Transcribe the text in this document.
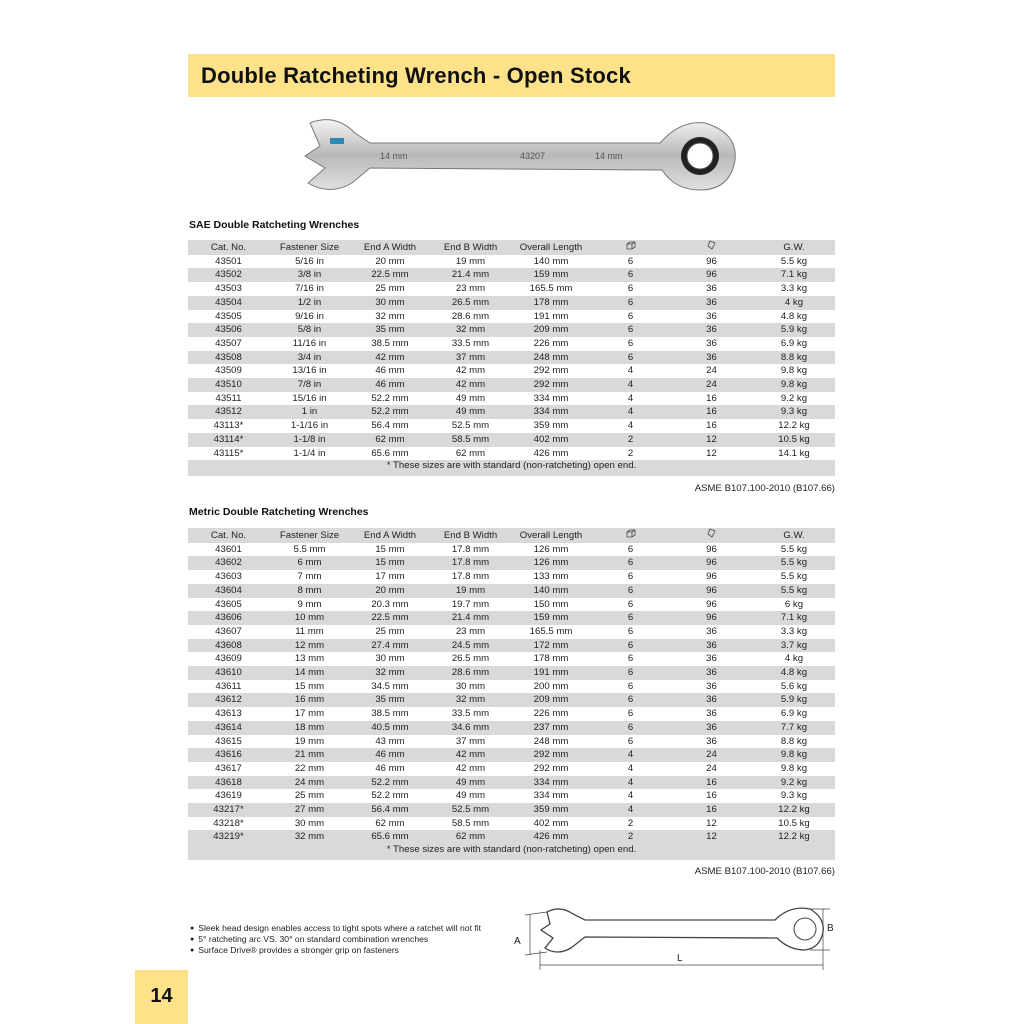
Double Ratcheting Wrench - Open Stock
14 mm	43207	14 mm
SAE Double Ratcheting Wrenches
Cat. No.	Fastener Size	End A Width	End B Width	Overall Length			G.W.
43501	5/16 in	20 mm	19 mm	140 mm	6	96	5.5 kg
43502	3/8 in	22.5 mm	21.4 mm	159 mm	6	96	7.1 kg
43503	7/16 in	25 mm	23 mm	165.5 mm	6	36	3.3 kg
43504	1/2 in	30 mm	26.5 mm	178 mm	6	36	4 kg
43505	9/16 in	32 mm	28.6 mm	191 mm	6	36	4.8 kg
43506	5/8 in	35 mm	32 mm	209 mm	6	36	5.9 kg
43507	11/16 in	38.5 mm	33.5 mm	226 mm	6	36	6.9 kg
43508	3/4 in	42 mm	37 mm	248 mm	6	36	8.8 kg
43509	13/16 in	46 mm	42 mm	292 mm	4	24	9.8 kg
43510	7/8 in	46 mm	42 mm	292 mm	4	24	9.8 kg
43511	15/16 in	52.2 mm	49 mm	334 mm	4	16	9.2 kg
43512	1 in	52.2 mm	49 mm	334 mm	4	16	9.3 kg
43113*	1-1/16 in	56.4 mm	52.5 mm	359 mm	4	16	12.2 kg
43114*	1-1/8 in	62 mm	58.5 mm	402 mm	2	12	10.5 kg
43115*	1-1/4 in	65.6 mm	62 mm	426 mm	2	12	14.1 kg
* These sizes are with standard (non-ratcheting) open end.							
ASME B107.100-2010 (B107.66)
Metric Double Ratcheting Wrenches
Cat. No.	Fastener Size	End A Width	End B Width	Overall Length			G.W.
43601	5.5 mm	15 mm	17.8 mm	126 mm	6	96	5.5 kg
43602	6 mm	15 mm	17.8 mm	126 mm	6	96	5.5 kg
43603	7 mm	17 mm	17.8 mm	133 mm	6	96	5.5 kg
43604	8 mm	20 mm	19 mm	140 mm	6	96	5.5 kg
43605	9 mm	20.3 mm	19.7 mm	150 mm	6	96	6 kg
43606	10 mm	22.5 mm	21.4 mm	159 mm	6	96	7.1 kg
43607	11 mm	25 mm	23 mm	165.5 mm	6	36	3.3 kg
43608	12 mm	27.4 mm	24.5 mm	172 mm	6	36	3.7 kg
43609	13 mm	30 mm	26.5 mm	178 mm	6	36	4 kg
43610	14 mm	32 mm	28.6 mm	191 mm	6	36	4.8 kg
43611	15 mm	34.5 mm	30 mm	200 mm	6	36	5.6 kg
43612	16 mm	35 mm	32 mm	209 mm	6	36	5.9 kg
43613	17 mm	38.5 mm	33.5 mm	226 mm	6	36	6.9 kg
43614	18 mm	40.5 mm	34.6 mm	237 mm	6	36	7.7 kg
43615	19 mm	43 mm	37 mm	248 mm	6	36	8.8 kg
43616	21 mm	46 mm	42 mm	292 mm	4	24	9.8 kg
43617	22 mm	46 mm	42 mm	292 mm	4	24	9.8 kg
43618	24 mm	52.2 mm	49 mm	334 mm	4	16	9.2 kg
43619	25 mm	52.2 mm	49 mm	334 mm	4	16	9.3 kg
43217*	27 mm	56.4 mm	52.5 mm	359 mm	4	16	12.2 kg
43218*	30 mm	62 mm	58.5 mm	402 mm	2	12	10.5 kg
43219*	32 mm	65.6 mm	62 mm	426 mm	2	12	12.2 kg
* These sizes are with standard (non-ratcheting) open end.							
ASME B107.100-2010 (B107.66)
● Sleek head design enables access to tight spots where a ratchet will not fit
● 5° ratcheting arc VS. 30° on standard combination wrenches
● Surface Drive® provides a stronger grip on fasteners
A
B
L
14
